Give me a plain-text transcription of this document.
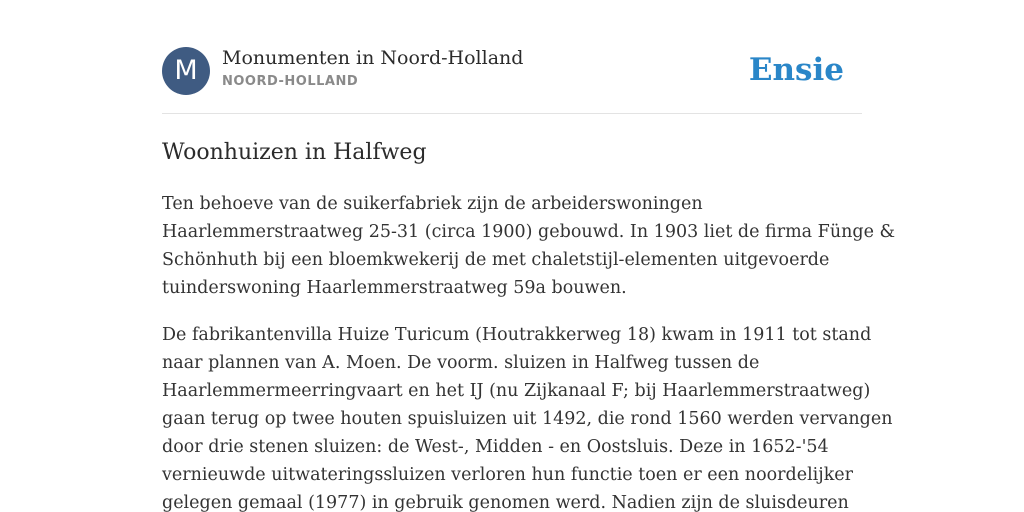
M	Monumenten in Noord-Holland
NOORD-HOLLAND	Ensie
Woonhuizen in Halfweg

Ten behoeve van de suikerfabriek zijn de arbeiderswoningen
Haarlemmerstraatweg 25-31 (circa 1900) gebouwd. In 1903 liet de firma Fünge &
Schönhuth bij een bloemkwekerij de met chaletstijl-elementen uitgevoerde
tuinderswoning Haarlemmerstraatweg 59a bouwen.

De fabrikantenvilla Huize Turicum (Houtrakkerweg 18) kwam in 1911 tot stand
naar plannen van A. Moen. De voorm. sluizen in Halfweg tussen de
Haarlemmermeerringvaart en het IJ (nu Zijkanaal F; bij Haarlemmerstraatweg)
gaan terug op twee houten spuisluizen uit 1492, die rond 1560 werden vervangen
door drie stenen sluizen: de West-, Midden - en Oostsluis. Deze in 1652-'54
vernieuwde uitwateringssluizen verloren hun functie toen er een noordelijker
gelegen gemaal (1977) in gebruik genomen werd. Nadien zijn de sluisdeuren
